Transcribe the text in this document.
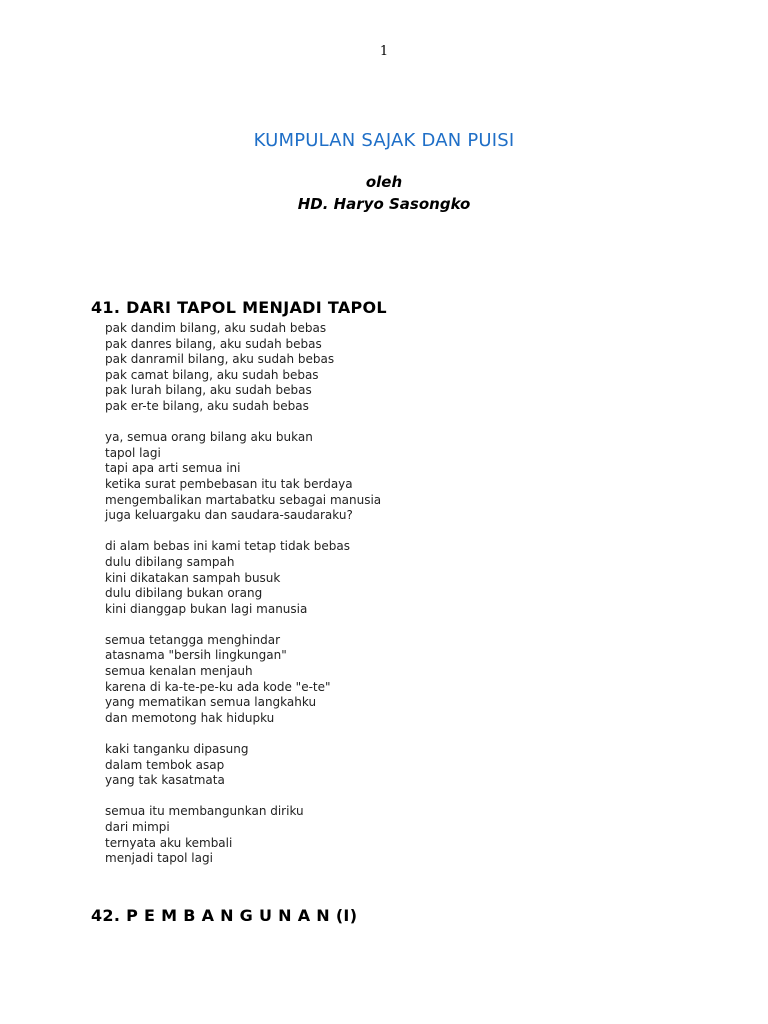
1
KUMPULAN SAJAK DAN PUISI
oleh
HD. Haryo Sasongko
41. DARI TAPOL MENJADI TAPOL
pak dandim bilang, aku sudah bebas
pak danres bilang, aku sudah bebas
pak danramil bilang, aku sudah bebas
pak camat bilang, aku sudah bebas
pak lurah bilang, aku sudah bebas
pak er-te bilang, aku sudah bebas
ya, semua orang bilang aku bukan
tapol lagi
tapi apa arti semua ini
ketika surat pembebasan itu tak berdaya
mengembalikan martabatku sebagai manusia
juga keluargaku dan saudara-saudaraku?
di alam bebas ini kami tetap tidak bebas
dulu dibilang sampah
kini dikatakan sampah busuk
dulu dibilang bukan orang
kini dianggap bukan lagi manusia
semua tetangga menghindar
atasnama "bersih lingkungan"
semua kenalan menjauh
karena di ka-te-pe-ku ada kode "e-te"
yang mematikan semua langkahku
dan memotong hak hidupku
kaki tanganku dipasung
dalam tembok asap
yang tak kasatmata
semua itu membangunkan diriku
dari mimpi
ternyata aku kembali
menjadi tapol lagi
42. P E M B A N G U N A N (I)
